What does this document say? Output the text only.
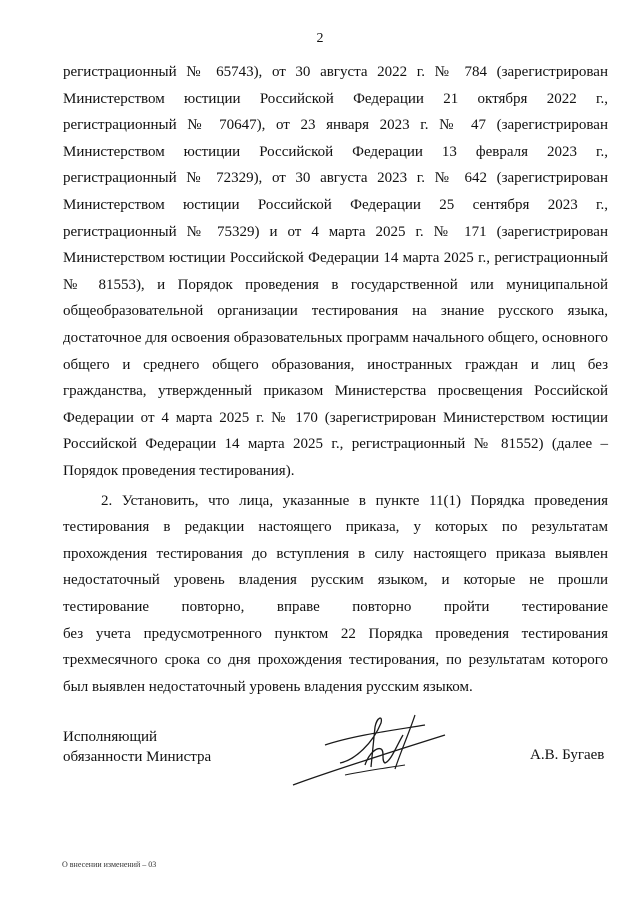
2
регистрационный № 65743), от 30 августа 2022 г. № 784 (зарегистрирован
Министерством юстиции Российской Федерации 21 октября 2022 г.,
регистрационный № 70647), от 23 января 2023 г. № 47 (зарегистрирован
Министерством юстиции Российской Федерации 13 февраля 2023 г.,
регистрационный № 72329), от 30 августа 2023 г. № 642 (зарегистрирован
Министерством юстиции Российской Федерации 25 сентября 2023 г.,
регистрационный № 75329) и от 4 марта 2025 г. № 171 (зарегистрирован
Министерством юстиции Российской Федерации 14 марта 2025 г., регистрационный
№ 81553), и Порядок проведения в государственной или муниципальной
общеобразовательной организации тестирования на знание русского языка,
достаточное для освоения образовательных программ начального общего, основного
общего и среднего общего образования, иностранных граждан и лиц без
гражданства, утвержденный приказом Министерства просвещения Российской
Федерации от 4 марта 2025 г. № 170 (зарегистрирован Министерством юстиции
Российской Федерации 14 марта 2025 г., регистрационный № 81552) (далее –
Порядок проведения тестирования).
2. Установить, что лица, указанные в пункте 11(1) Порядка проведения
тестирования в редакции настоящего приказа, у которых по результатам
прохождения тестирования до вступления в силу настоящего приказа выявлен
недостаточный уровень владения русским языком, и которые не прошли
тестирование повторно, вправе повторно пройти тестирование
без учета предусмотренного пунктом 22 Порядка проведения тестирования
трехмесячного срока со дня прохождения тестирования, по результатам которого
был выявлен недостаточный уровень владения русским языком.
Исполняющий
обязанности Министра	А.В. Бугаев
О внесении изменений – 03
